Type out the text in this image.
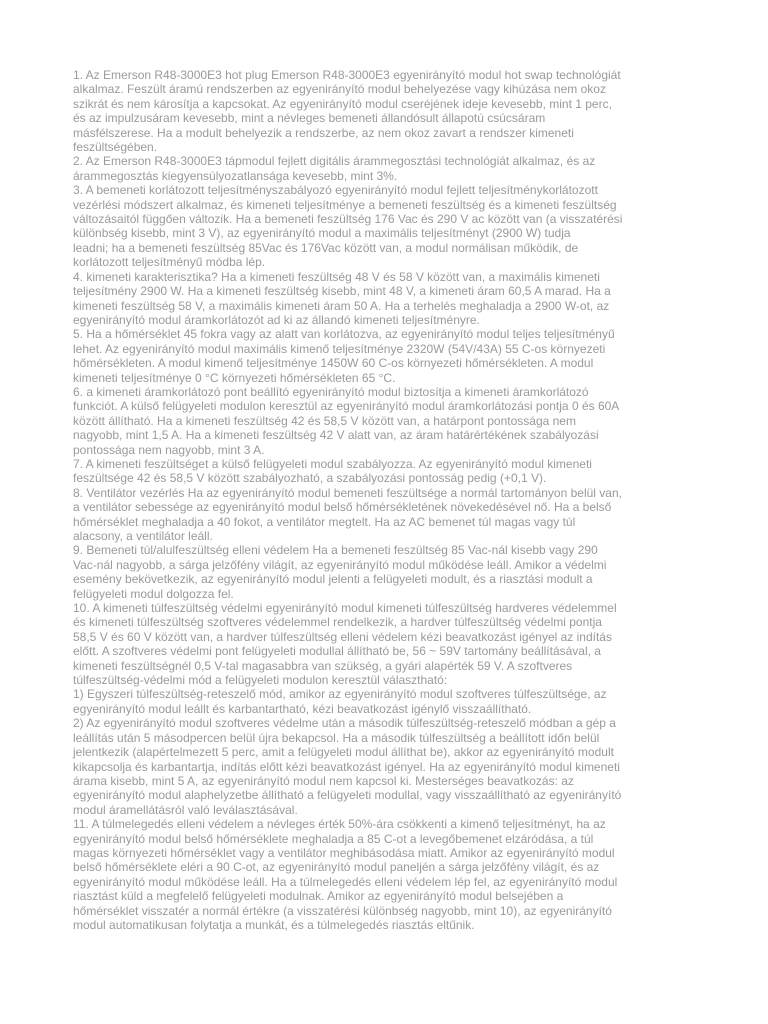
1. Az Emerson R48-3000E3 hot plug Emerson R48-3000E3 egyenirányító modul hot swap technológiát
alkalmaz. Feszült áramú rendszerben az egyenirányító modul behelyezése vagy kihúzása nem okoz
szikrát és nem károsítja a kapcsokat. Az egyenirányító modul cseréjének ideje kevesebb, mint 1 perc,
és az impulzusáram kevesebb, mint a névleges bemeneti állandósult állapotú csúcsáram
másfélszerese. Ha a modult behelyezik a rendszerbe, az nem okoz zavart a rendszer kimeneti
feszültségében.

2. Az Emerson R48-3000E3 tápmodul fejlett digitális árammegosztási technológiát alkalmaz, és az
árammegosztás kiegyensúlyozatlansága kevesebb, mint 3%.

3. A bemeneti korlátozott teljesítményszabályozó egyenirányító modul fejlett teljesítménykorlátozott
vezérlési módszert alkalmaz, és kimeneti teljesítménye a bemeneti feszültség és a kimeneti feszültség
változásaitól függően változik. Ha a bemeneti feszültség 176 Vac és 290 V ac között van (a visszatérési
különbség kisebb, mint 3 V), az egyenirányító modul a maximális teljesítményt (2900 W) tudja
leadni; ha a bemeneti feszültség 85Vac és 176Vac között van, a modul normálisan működik, de
korlátozott teljesítményű módba lép.

4. kimeneti karakterisztika? Ha a kimeneti feszültség 48 V és 58 V között van, a maximális kimeneti
teljesítmény 2900 W. Ha a kimeneti feszültség kisebb, mint 48 V, a kimeneti áram 60,5 A marad. Ha a
kimeneti feszültség 58 V, a maximális kimeneti áram 50 A. Ha a terhelés meghaladja a 2900 W-ot, az
egyenirányító modul áramkorlátozót ad ki az állandó kimeneti teljesítményre.

5. Ha a hőmérséklet 45 fokra vagy az alatt van korlátozva, az egyenirányító modul teljes teljesítményű
lehet. Az egyenirányító modul maximális kimenő teljesítménye 2320W (54V/43A) 55 C-os környezeti
hőmérsékleten. A modul kimenő teljesítménye 1450W 60 C-os környezeti hőmérsékleten. A modul
kimeneti teljesítménye 0 °C környezeti hőmérsékleten 65 °C.

6. a kimeneti áramkorlátozó pont beállító egyenirányító modul biztosítja a kimeneti áramkorlátozó
funkciót. A külső felügyeleti modulon keresztül az egyenirányító modul áramkorlátozási pontja 0 és 60A
között állítható. Ha a kimeneti feszültség 42 és 58,5 V között van, a határpont pontossága nem
nagyobb, mint 1,5 A. Ha a kimeneti feszültség 42 V alatt van, az áram határértékének szabályozási
pontossága nem nagyobb, mint 3 A.

7. A kimeneti feszültséget a külső felügyeleti modul szabályozza. Az egyenirányító modul kimeneti
feszültsége 42 és 58,5 V között szabályozható, a szabályozási pontosság pedig (+0,1 V).

8. Ventilátor vezérlés Ha az egyenirányító modul bemeneti feszültsége a normál tartományon belül van,
a ventilátor sebessége az egyenirányító modul belső hőmérsékletének növekedésével nő. Ha a belső
hőmérséklet meghaladja a 40 fokot, a ventilátor megtelt. Ha az AC bemenet túl magas vagy túl
alacsony, a ventilátor leáll.

9. Bemeneti túl/alulfeszültség elleni védelem Ha a bemeneti feszültség 85 Vac-nál kisebb vagy 290
Vac-nál nagyobb, a sárga jelzőfény világít, az egyenirányító modul működése leáll. Amikor a védelmi
esemény bekövetkezik, az egyenirányító modul jelenti a felügyeleti modult, és a riasztási modult a
felügyeleti modul dolgozza fel.

10. A kimeneti túlfeszültség védelmi egyenirányító modul kimeneti túlfeszültség hardveres védelemmel
és kimeneti túlfeszültség szoftveres védelemmel rendelkezik, a hardver túlfeszültség védelmi pontja
58,5 V és 60 V között van, a hardver túlfeszültség elleni védelem kézi beavatkozást igényel az indítás
előtt. A szoftveres védelmi pont felügyeleti modullal állítható be, 56 ~ 59V tartomány beállításával, a
kimeneti feszültségnél 0,5 V-tal magasabbra van szükség, a gyári alapérték 59 V. A szoftveres
túlfeszültség-védelmi mód a felügyeleti modulon keresztül választható:

1) Egyszeri túlfeszültség-reteszelő mód, amikor az egyenirányító modul szoftveres túlfeszültsége, az
egyenirányító modul leállt és karbantartható, kézi beavatkozást igénylő visszaállítható.

2) Az egyenirányító modul szoftveres védelme után a második túlfeszültség-reteszelő módban a gép a
leállítás után 5 másodpercen belül újra bekapcsol. Ha a második túlfeszültség a beállított időn belül
jelentkezik (alapértelmezett 5 perc, amit a felügyeleti modul állíthat be), akkor az egyenirányító modult
kikapcsolja és karbantartja, indítás előtt kézi beavatkozást igényel. Ha az egyenirányító modul kimeneti
árama kisebb, mint 5 A, az egyenirányító modul nem kapcsol ki. Mesterséges beavatkozás: az
egyenirányító modul alaphelyzetbe állítható a felügyeleti modullal, vagy visszaállítható az egyenirányító
modul áramellátásról való leválasztásával.

11. A túlmelegedés elleni védelem a névleges érték 50%-ára csökkenti a kimenő teljesítményt, ha az
egyenirányító modul belső hőmérséklete meghaladja a 85 C-ot a levegőbemenet elzáródása, a túl
magas környezeti hőmérséklet vagy a ventilátor meghibásodása miatt. Amikor az egyenirányító modul
belső hőmérséklete eléri a 90 C-ot, az egyenirányító modul paneljén a sárga jelzőfény világít, és az
egyenirányító modul működése leáll. Ha a túlmelegedés elleni védelem lép fel, az egyenirányító modul
riasztást küld a megfelelő felügyeleti modulnak. Amikor az egyenirányító modul belsejében a
hőmérséklet visszatér a normál értékre (a visszatérési különbség nagyobb, mint 10), az egyenirányító
modul automatikusan folytatja a munkát, és a túlmelegedés riasztás eltűnik.
